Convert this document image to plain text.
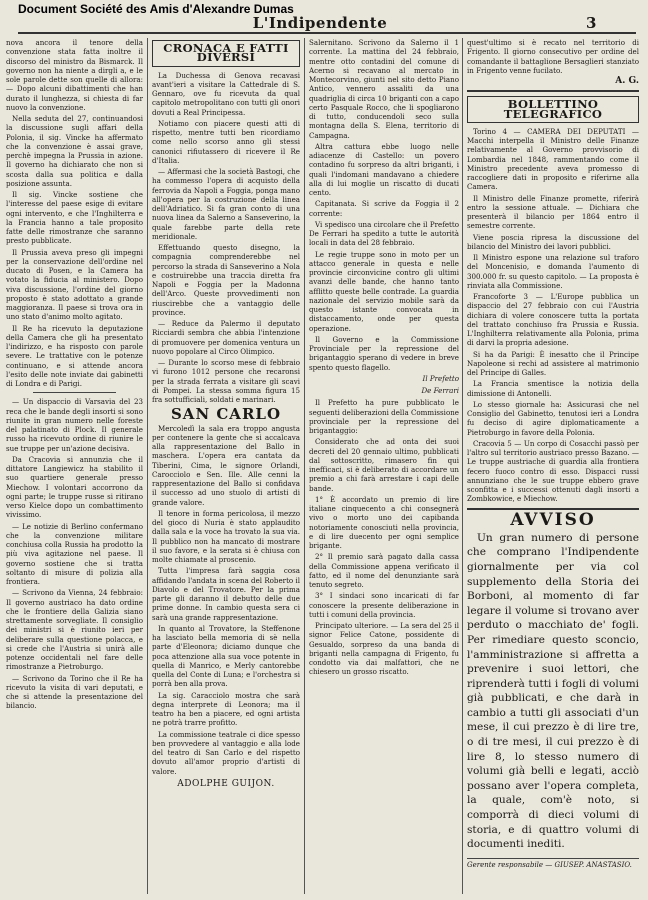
Document Société des Amis d'Alexandre Dumas
L'Indipendente	3

nova ancora il tenore della convenzione stata fatta inoltre il discorso del ministro da Bismarck. Il governo non ha niente a dirgli a, e le sole parole dette son quelle di allora: — Dopo alcuni dibattimenti che han durato il lunghezza, si chiesta di far nuovo la convenzione.

Nella seduta del 27, continuandosi la discussione sugli affari della Polonia, il sig. Vincke ha affermato che la convenzione è assai grave, perchè impegna la Prussia in azione. Il governo ha dichiarato che non si scosta dalla sua politica e dalla posizione assunta.

Il sig. Vincke sostiene che l'interesse del paese esige di evitare ogni intervento, e che l'Inghilterra e la Francia hanno a tale proposito fatte delle rimostranze che saranno presto pubblicate.

Il Prussia aveva preso gli impegni per la conservazione dell'ordine nel ducato di Posen, e la Camera ha votato la fiducia al ministero. Dopo viva discussione, l'ordine del giorno proposto è stato adottato a grande maggioranza. Il paese si trova ora in uno stato d'animo molto agitato.

Il Re ha ricevuto la deputazione della Camera che gli ha presentato l'indirizzo, e ha risposto con parole severe. Le trattative con le potenze continuano, e si attende ancora l'esito delle note inviate dai gabinetti di Londra e di Parigi.

— Un dispaccio di Varsavia del 23 reca che le bande degli insorti si sono riunite in gran numero nelle foreste del palatinato di Plock. Il generale russo ha ricevuto ordine di riunire le sue truppe per un'azione decisiva.

Da Cracovia si annunzia che il dittatore Langiewicz ha stabilito il suo quartiere generale presso Miechow. I volontari accorrono da ogni parte; le truppe russe si ritirano verso Kielce dopo un combattimento vivissimo.

— Le notizie di Berlino confermano che la convenzione militare conchiusa colla Russia ha prodotto la più viva agitazione nel paese. Il governo sostiene che si tratta soltanto di misure di polizia alla frontiera.

— Scrivono da Vienna, 24 febbraio: Il governo austriaco ha dato ordine che le frontiere della Galizia siano strettamente sorvegliate. Il consiglio dei ministri si è riunito ieri per deliberare sulla questione polacca, e si crede che l'Austria si unirà alle potenze occidentali nel fare delle rimostranze a Pietroburgo.

— Scrivono da Torino che il Re ha ricevuto la visita di vari deputati, e che si attende la presentazione del bilancio.

CRONACA E FATTI DIVERSI

La Duchessa di Genova recavasi avant'ieri a visitare la Cattedrale di S. Gennaro, ove fu ricevuta da qual capitolo metropolitano con tutti gli onori dovuti a Real Principessa.

Notiamo con piacere questi atti di rispetto, mentre tutti ben ricordiamo come nello scorso anno gli stessi canonici rifiutassero di ricevere il Re d'Italia.

— Affermasi che la società Bastogi, che ha commesso l'opera di acquisto della ferrovia da Napoli a Foggia, ponga mano all'opera per la costruzione della linea dell'Adriatico. Si fa gran conto di una nuova linea da Salerno a Sanseverino, la quale farebbe parte della rete meridionale.

Effettuando questo disegno, la compagnia comprenderebbe nel percorso la strada di Sanseverino a Nola e costruirebbe una traccia diretta fra Napoli e Foggia per la Madonna dell'Arco. Queste provvedimenti non riuscirebbe che a vantaggio delle province.

— Reduce da Palermo il deputato Ricciardi sembra che abbia l'intenzione di promuovere per domenica ventura un nuovo popolare al Circo Olimpico.

— Durante lo scorso mese di febbraio vi furono 1012 persone che recaronsi per la strada ferrata a visitare gli scavi di Pompei. La stessa somma figura 15 fra sottufficiali, soldati e marinari.

SAN CARLO

Mercoledì la sala era troppo angusta per contenere la gente che si accalcava alla rappresentazione del Ballo in maschera. L'opera era cantata da Tiberini, Cima, le signore Orlandi, Carocciolo e Sen. Ille. Alle cenni la rappresentazione del Ballo si confidava il successo ad uno stuolo di artisti di grande valore.

Il tenore in forma pericolosa, il mezzo del gioco di Nuria è stato applaudito dalla sala e la voce ha trovato la sua via. Il pubblico non ha mancato di mostrare il suo favore, e la serata si è chiusa con molte chiamate al proscenio.

Tutta l'impresa farà saggia cosa affidando l'andata in scena del Roberto il Diavolo e del Trovatore. Per la prima parte gli daranno il debutto delle due prime donne. In cambio questa sera ci sarà una grande rappresentazione.

In quanto al Trovatore, la Steffenone ha lasciato bella memoria di sè nella parte d'Eleonora; diciamo dunque che poca attenzione alla sua voce potente in quella di Manrico, e Merly cantorebbe quella del Conte di Luna; e l'orchestra si porrà ben alla prova.

La sig. Caracciolo mostra che sarà degna interprete di Leonora; ma il teatro ha ben a piacere, ed ogni artista ne potrà trarre profitto.

La commissione teatrale ci dice spesso ben provvedere al vantaggio e alla lode del teatro di San Carlo e del rispetto dovuto all'amor proprio d'artisti di valore.

ADOLPHE GUIJON.

Salernitano. Scrivono da Salerno il 1 corrente. La mattina del 24 febbraio, mentre otto contadini del comune di Acerno si recavano al mercato in Montecorvino, giunti nel sito detto Piano Antico, vennero assaliti da una quadriglia di circa 10 briganti con a capo certo Pasquale Rocco, che li spogliarono di tutto, conducendoli seco sulla montagna della S. Elena, territorio di Campagna.

Altra cattura ebbe luogo nelle adiacenze di Castello: un povero contadino fu sorpreso da altri briganti, i quali l'indomani mandavano a chiedere alla di lui moglie un riscatto di ducati cento.

Capitanata. Si scrive da Foggia il 2 corrente:

Vi spedisco una circolare che il Prefetto De Ferrari ha spedito a tutte le autorità locali in data del 28 febbraio.

Le regie truppe sono in moto per un attacco generale in questa e nelle provincie circonvicine contro gli ultimi avanzi delle bande, che hanno tanto afflitto queste belle contrade. La guardia nazionale del servizio mobile sarà da questo istante convocata in distaccamento, onde per questa operazione.

Il Governo e la Commissione Provinciale per la repressione del brigantaggio sperano di vedere in breve spento questo flagello.

Il Prefetto
De Ferrari

Il Prefetto ha pure pubblicato le seguenti deliberazioni della Commissione provinciale per la repressione del brigantaggio:

Considerato che ad onta dei suoi decreti del 20 gennaio ultimo, pubblicati dal sottoscritto, rimasero fin qui inefficaci, si è deliberato di accordare un premio a chi farà arrestare i capi delle bande.

1° È accordato un premio di lire italiane cinquecento a chi consegnerà vivo o morto uno dei capibanda notoriamente conosciuti nella provincia, e di lire duecento per ogni semplice brigante.

2° Il premio sarà pagato dalla cassa della Commissione appena verificato il fatto, ed il nome del denunziante sarà tenuto segreto.

3° I sindaci sono incaricati di far conoscere la presente deliberazione in tutti i comuni della provincia.

Principato ulteriore. — La sera del 25 il signor Felice Catone, possidente di Gesualdo, sorpreso da una banda di briganti nella campagna di Frigento, fu condotto via dai malfattori, che ne chiesero un grosso riscatto.

quest'ultimo si è recato nel territorio di Frigento. Il giorno consecutivo per ordine del comandante il battaglione Bersaglieri stanziato in Frigento venne fucilato.

A. G.
BOLLETTINO TELEGRAFICO

Torino 4 — CAMERA DEI DEPUTATI — Macchi interpella il Ministro delle Finanze relativamente al Governo provvisorio di Lombardia nel 1848, rammentando come il Ministro precedente aveva promesso di raccogliere dati in proposito e riferirne alla Camera.

Il Ministro delle Finanze promette, riferirà entro la sessione attuale. — Dichiara che presenterà il bilancio per 1864 entro il semestre corrente.

Viene poscia ripresa la discussione del bilancio del Ministro dei lavori pubblici.

Il Ministro espone una relazione sul traforo del Moncenisio, e domanda l'aumento di 300.000 fr. su questo capitolo. — La proposta è rinviata alla Commissione.

Francoforte 3 — L'Europe pubblica un dispaccio del 27 febbraio con cui l'Austria dichiara di volere conoscere tutta la portata del trattato conchiuso fra Prussia e Russia. L'Inghilterra relativamente alla Polonia, prima di darvi la propria adesione.

Si ha da Parigi: È inesatto che il Principe Napoleone si rechi ad assistere al matrimonio del Principe di Galles.

La Francia smentisce la notizia della dimissione di Antonelli.

Lo stesso giornale ha: Assicurasi che nel Consiglio del Gabinetto, tenutosi ieri a Londra fu deciso di agire diplomaticamente a Pietroburgo in favore della Polonia.

Cracovia 5 — Un corpo di Cosacchi passò per l'altro sul territorio austriaco presso Bazano. — Le truppe austriache di guardia alla frontiera fecero fuoco contro di esso. Dispacci russi annunziano che le sue truppe ebbero grave sconfitta e i successi ottenuti dagli insorti a Zombkowice, e Miechow.

AVVISO

Un gran numero di persone che comprano l'Indipendente giornalmente per via col supplemento della Storia dei Borboni, al momento di far legare il volume si trovano aver perduto o macchiato de' fogli. Per rimediare questo sconcio, l'amministrazione si affretta a prevenire i suoi lettori, che riprenderà tutti i fogli di volumi già pubblicati, e che darà in cambio a tutti gli associati d'un mese, il cui prezzo è di lire tre, o di tre mesi, il cui prezzo è di lire 8, lo stesso numero di volumi già belli e legati, acciò possano aver l'opera completa, la quale, com'è noto, si comporrà di dieci volumi di storia, e di quattro volumi di documenti inediti.

Gerente responsabile — GIUSEP. ANASTASIO.
